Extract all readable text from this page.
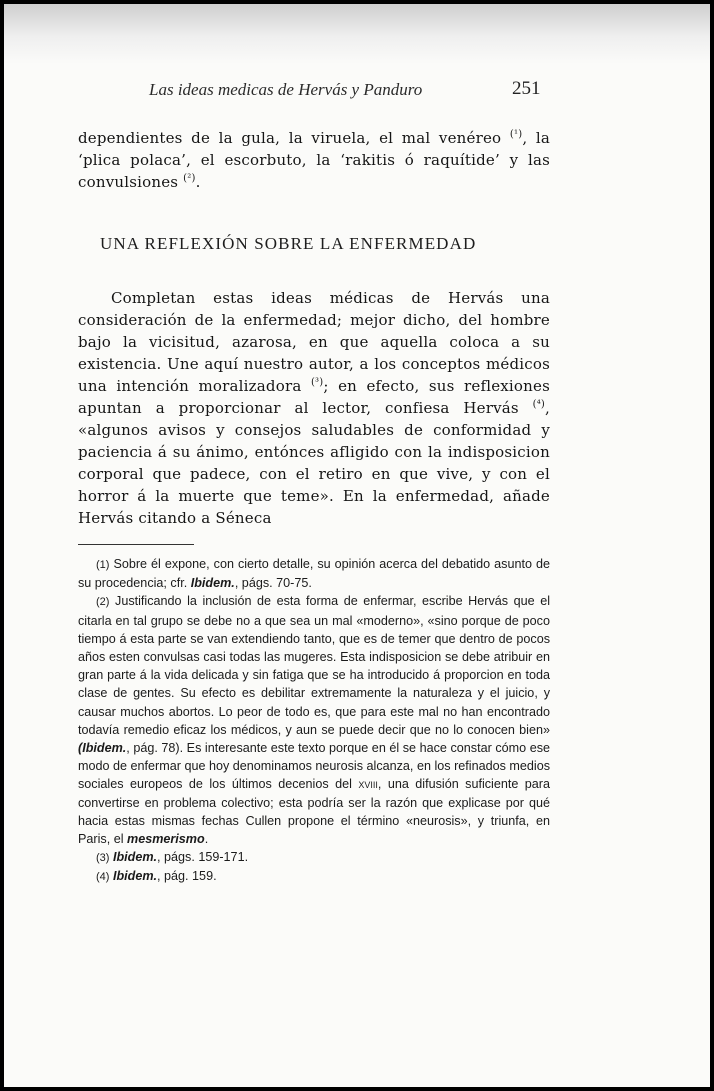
Las ideas medicas de Hervás y Panduro	251

dependientes de la gula, la viruela, el mal venéreo $^{(^1)}$, la ‘plica polaca’, el escorbuto, la ‘rakitis ó raquítide’ y las convulsiones $^{(^2)}$.

UNA REFLEXIÓN SOBRE LA ENFERMEDAD

Completan estas ideas médicas de Hervás una consideración de la enfermedad; mejor dicho, del hombre bajo la vicisitud, azarosa, en que aquella coloca a su existencia. Une aquí nuestro autor, a los conceptos médicos una intención moralizadora $^{(^3)}$; en efecto, sus reflexiones apuntan a proporcionar al lector, confiesa Hervás $^{(^4)}$, «algunos avisos y consejos saludables de conformidad y paciencia á su ánimo, entónces afligido con la indisposicion corporal que padece, con el retiro en que vive, y con el horror á la muerte que teme». En la enfermedad, añade Hervás citando a Séneca

(1) Sobre él expone, con cierto detalle, su opinión acerca del debatido asunto de su procedencia; cfr. Ibidem., págs. 70-75.

(2) Justificando la inclusión de esta forma de enfermar, escribe Hervás que el citarla en tal grupo se debe no a que sea un mal «moderno», «sino porque de poco tiempo á esta parte se van extendiendo tanto, que es de temer que dentro de pocos años esten convulsas casi todas las mugeres. Esta indisposicion se debe atribuir en gran parte á la vida delicada y sin fatiga que se ha introducido á proporcion en toda clase de gentes. Su efecto es debilitar extremamente la naturaleza y el juicio, y causar muchos abortos. Lo peor de todo es, que para este mal no han encontrado todavía remedio eficaz los médicos, y aun se puede decir que no lo conocen bien» (Ibidem., pág. 78). Es interesante este texto porque en él se hace constar cómo ese modo de enfermar que hoy denominamos neurosis alcanza, en los refinados medios sociales europeos de los últimos decenios del xviii, una difusión suficiente para convertirse en problema colectivo; esta podría ser la razón que explicase por qué hacia estas mismas fechas Cullen propone el término «neurosis», y triunfa, en Paris, el mesmerismo.

(3) Ibidem., págs. 159-171.

(4) Ibidem., pág. 159.
